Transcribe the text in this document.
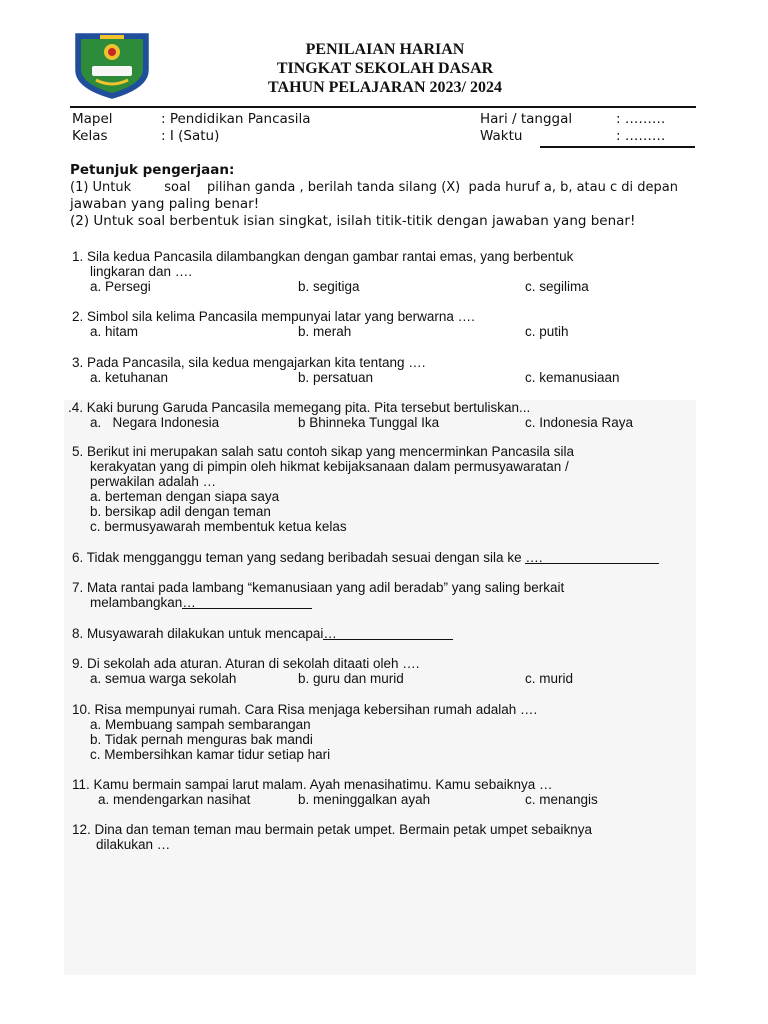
PENILAIAN HARIAN
TINGKAT SEKOLAH DASAR
TAHUN PELAJARAN 2023/ 2024
Mapel	: Pendidikan Pancasila
Kelas	: I (Satu)
Hari / tanggal	: ………
Waktu	: ………
Petunjuk pengerjaan:
(1) Untuk        soal    pilihan ganda , berilah tanda silang (X)  pada huruf a, b, atau c di depan
jawaban yang paling benar!
(2) Untuk soal berbentuk isian singkat, isilah titik-titik dengan jawaban yang benar!
1. Sila kedua Pancasila dilambangkan dengan gambar rantai emas, yang berbentuk
lingkaran dan ….
a. Persegi	b. segitiga	c. segilima
2. Simbol sila kelima Pancasila mempunyai latar yang berwarna ….
a. hitam	b. merah	c. putih
3. Pada Pancasila, sila kedua mengajarkan kita tentang ….
a. ketuhanan	b. persatuan	c. kemanusiaan
.4. Kaki burung Garuda Pancasila memegang pita. Pita tersebut bertuliskan...
a.   Negara Indonesia	b Bhinneka Tunggal Ika	c. Indonesia Raya
5. Berikut ini merupakan salah satu contoh sikap yang mencerminkan Pancasila sila
kerakyatan yang di pimpin oleh hikmat kebijaksanaan dalam permusyawaratan /
perwakilan adalah …
a. berteman dengan siapa saya
b. bersikap adil dengan teman
c. bermusyawarah membentuk ketua kelas
6. Tidak mengganggu teman yang sedang beribadah sesuai dengan sila ke ….
7. Mata rantai pada lambang “kemanusiaan yang adil beradab” yang saling berkait
melambangkan…
8. Musyawarah dilakukan untuk mencapai…
9. Di sekolah ada aturan. Aturan di sekolah ditaati oleh ….
a. semua warga sekolah	b. guru dan murid	c. murid
10. Risa mempunyai rumah. Cara Risa menjaga kebersihan rumah adalah ….
a. Membuang sampah sembarangan
b. Tidak pernah menguras bak mandi
c. Membersihkan kamar tidur setiap hari
11. Kamu bermain sampai larut malam. Ayah menasihatimu. Kamu sebaiknya …
a. mendengarkan nasihat	b. meninggalkan ayah	c. menangis
12. Dina dan teman teman mau bermain petak umpet. Bermain petak umpet sebaiknya
dilakukan …
